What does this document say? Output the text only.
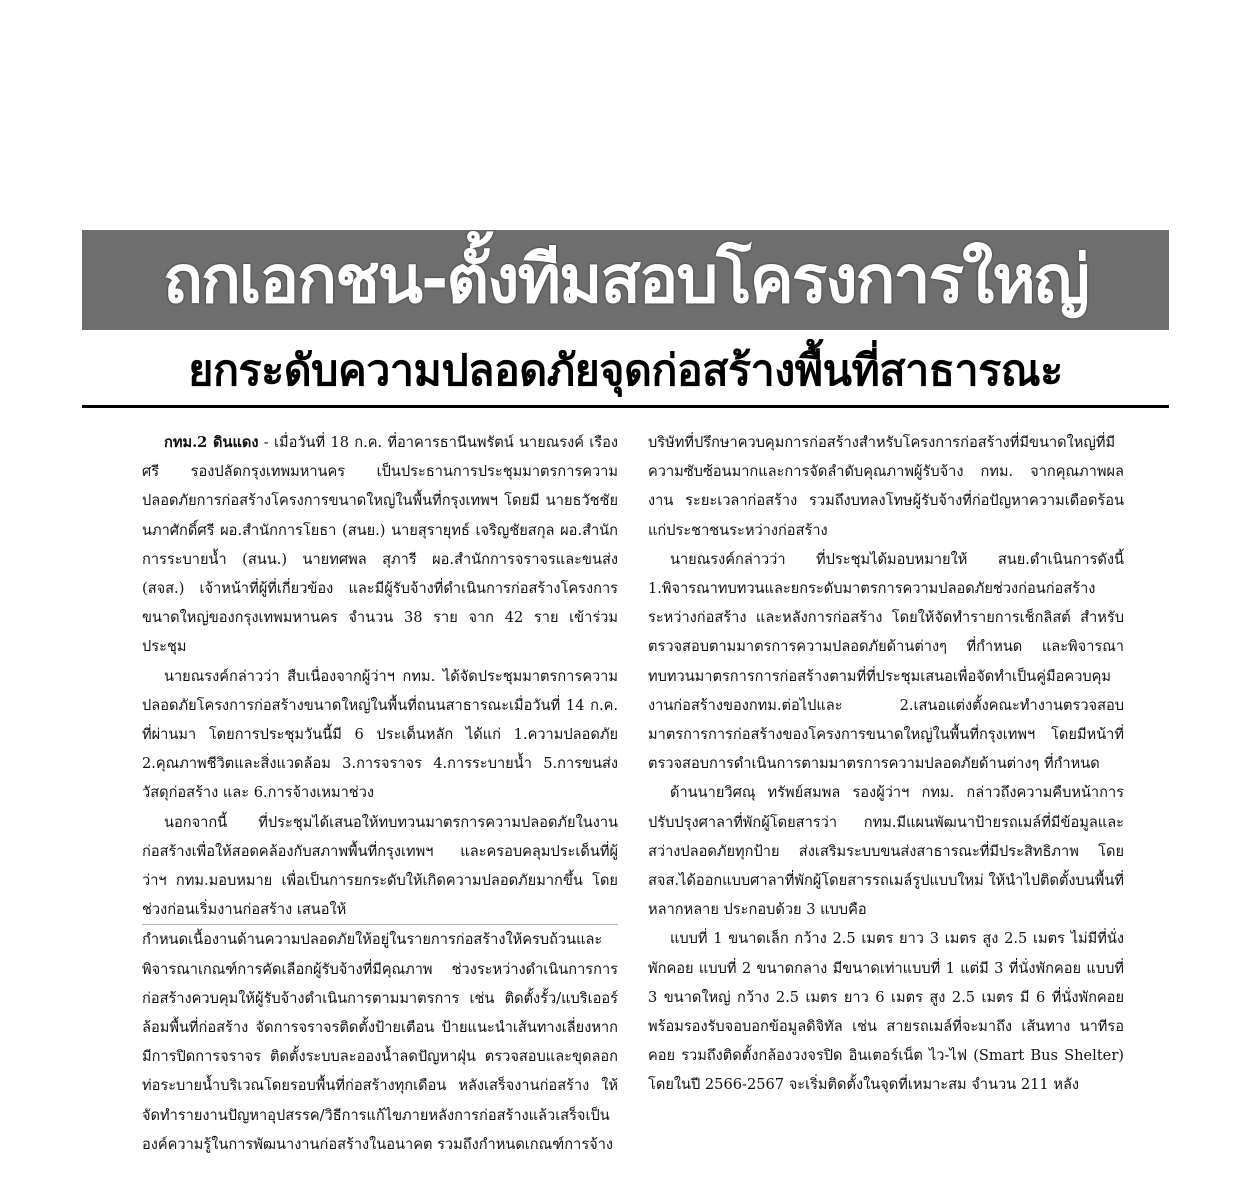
ถกเอกชน-ตั้งทีมสอบโครงการใหญ่
ยกระดับความปลอดภัยจุดก่อสร้างพื้นที่สาธารณะ

กทม.2 ดินแดง - เมื่อวันที่ 18 ก.ค. ที่อาคารธานีนพรัตน์ นายณรงค์ เรืองศรี รองปลัดกรุงเทพมหานคร เป็นประธานการประชุมมาตรการความปลอดภัยการก่อสร้างโครงการขนาดใหญ่ในพื้นที่กรุงเทพฯ โดยมี นายธวัชชัย นภาศักดิ์ศรี ผอ.สำนักการโยธา (สนย.) นายสุรายุทธ์ เจริญชัยสกุล ผอ.สำนักการระบายน้ำ (สนน.) นายทศพล สุภารี ผอ.สำนักการจราจรและขนส่ง (สจส.) เจ้าหน้าที่ผู้ที่เกี่ยวข้อง และมีผู้รับจ้างที่ดำเนินการก่อสร้างโครงการขนาดใหญ่ของกรุงเทพมหานคร จำนวน 38 ราย จาก 42 ราย เข้าร่วมประชุม

นายณรงค์กล่าวว่า สืบเนื่องจากผู้ว่าฯ กทม. ได้จัดประชุมมาตรการความปลอดภัยโครงการก่อสร้างขนาดใหญ่ในพื้นที่ถนนสาธารณะเมื่อวันที่ 14 ก.ค. ที่ผ่านมา โดยการประชุมวันนี้มี 6 ประเด็นหลัก ได้แก่ 1.ความปลอดภัย 2.คุณภาพชีวิตและสิ่งแวดล้อม 3.การจราจร 4.การระบายน้ำ 5.การขนส่งวัสดุก่อสร้าง และ 6.การจ้างเหมาช่วง

นอกจากนี้ ที่ประชุมได้เสนอให้ทบทวนมาตรการความปลอดภัยในงานก่อสร้างเพื่อให้สอดคล้องกับสภาพพื้นที่กรุงเทพฯ และครอบคลุมประเด็นที่ผู้ว่าฯ กทม.มอบหมาย เพื่อเป็นการยกระดับให้เกิดความปลอดภัยมากขึ้น โดยช่วงก่อนเริ่มงานก่อสร้าง เสนอให้

กำหนดเนื้องานด้านความปลอดภัยให้อยู่ในรายการก่อสร้างให้ครบถ้วนและพิจารณาเกณฑ์การคัดเลือกผู้รับจ้างที่มีคุณภาพ ช่วงระหว่างดำเนินการการก่อสร้างควบคุมให้ผู้รับจ้างดำเนินการตามมาตรการ เช่น ติดตั้งรั้ว/แบริเออร์ล้อมพื้นที่ก่อสร้าง จัดการจราจรติดตั้งป้ายเตือน ป้ายแนะนำเส้นทางเลี่ยงหากมีการปิดการจราจร ติดตั้งระบบละอองน้ำลดปัญหาฝุ่น ตรวจสอบและขุดลอกท่อระบายน้ำบริเวณโดยรอบพื้นที่ก่อสร้างทุกเดือน หลังเสร็จงานก่อสร้าง ให้จัดทำรายงานปัญหาอุปสรรค/วิธีการแก้ไขภายหลังการก่อสร้างแล้วเสร็จเป็นองค์ความรู้ในการพัฒนางานก่อสร้างในอนาคต รวมถึงกำหนดเกณฑ์การจ้าง

บริษัทที่ปรึกษาควบคุมการก่อสร้างสำหรับโครงการก่อสร้างที่มีขนาดใหญ่ที่มีความซับซ้อนมากและการจัดลำดับคุณภาพผู้รับจ้าง กทม. จากคุณภาพผลงาน ระยะเวลาก่อสร้าง รวมถึงบทลงโทษผู้รับจ้างที่ก่อปัญหาความเดือดร้อนแก่ประชาชนระหว่างก่อสร้าง

นายณรงค์กล่าวว่า ที่ประชุมได้มอบหมายให้ สนย.ดำเนินการดังนี้ 1.พิจารณาทบทวนและยกระดับมาตรการความปลอดภัยช่วงก่อนก่อสร้าง ระหว่างก่อสร้าง และหลังการก่อสร้าง โดยให้จัดทำรายการเช็กลิสต์ สำหรับตรวจสอบตามมาตรการความปลอดภัยด้านต่างๆ ที่กำหนด และพิจารณาทบทวนมาตรการการก่อสร้างตามที่ที่ประชุมเสนอเพื่อจัดทำเป็นคู่มือควบคุมงานก่อสร้างของกทม.ต่อไปและ 2.เสนอแต่งตั้งคณะทำงานตรวจสอบมาตรการการก่อสร้างของโครงการขนาดใหญ่ในพื้นที่กรุงเทพฯ โดยมีหน้าที่ตรวจสอบการดำเนินการตามมาตรการความปลอดภัยด้านต่างๆ ที่กำหนด

ด้านนายวิศณุ ทรัพย์สมพล รองผู้ว่าฯ กทม. กล่าวถึงความคืบหน้าการปรับปรุงศาลาที่พักผู้โดยสารว่า กทม.มีแผนพัฒนาป้ายรถเมล์ที่มีข้อมูลและสว่างปลอดภัยทุกป้าย ส่งเสริมระบบขนส่งสาธารณะที่มีประสิทธิภาพ โดยสจส.ได้ออกแบบศาลาที่พักผู้โดยสารรถเมล์รูปแบบใหม่ ให้นำไปติดตั้งบนพื้นที่หลากหลาย ประกอบด้วย 3 แบบคือ

แบบที่ 1 ขนาดเล็ก กว้าง 2.5 เมตร ยาว 3 เมตร สูง 2.5 เมตร ไม่มีที่นั่งพักคอย แบบที่ 2 ขนาดกลาง มีขนาดเท่าแบบที่ 1 แต่มี 3 ที่นั่งพักคอย แบบที่ 3 ขนาดใหญ่ กว้าง 2.5 เมตร ยาว 6 เมตร สูง 2.5 เมตร มี 6 ที่นั่งพักคอย พร้อมรองรับจอบอกข้อมูลดิจิทัล เช่น สายรถเมล์ที่จะมาถึง เส้นทาง นาทีรอคอย รวมถึงติดตั้งกล้องวงจรปิด อินเตอร์เน็ต ไว-ไฟ (Smart Bus Shelter) โดยในปี 2566-2567 จะเริ่มติดตั้งในจุดที่เหมาะสม จำนวน 211 หลัง
